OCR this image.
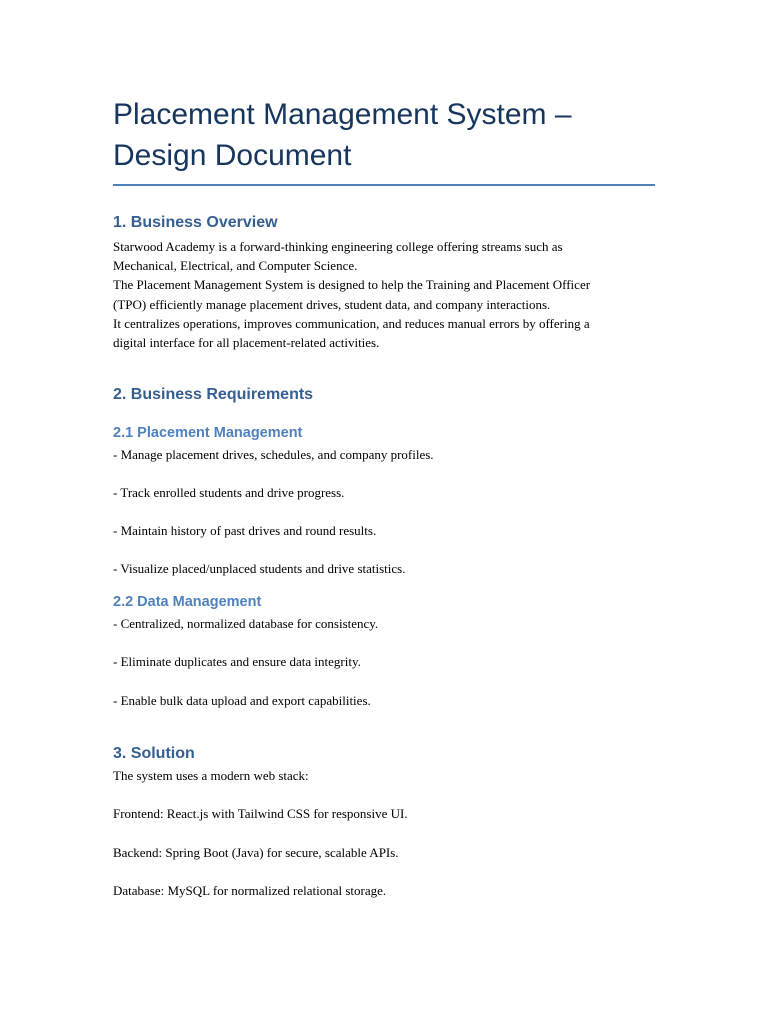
Placement Management System –
Design Document
1. Business Overview

Starwood Academy is a forward-thinking engineering college offering streams such as

Mechanical, Electrical, and Computer Science.

The Placement Management System is designed to help the Training and Placement Officer

(TPO) efficiently manage placement drives, student data, and company interactions.

It centralizes operations, improves communication, and reduces manual errors by offering a

digital interface for all placement-related activities.

2. Business Requirements
2.1 Placement Management

- Manage placement drives, schedules, and company profiles.

- Track enrolled students and drive progress.

- Maintain history of past drives and round results.

- Visualize placed/unplaced students and drive statistics.

2.2 Data Management

- Centralized, normalized database for consistency.

- Eliminate duplicates and ensure data integrity.

- Enable bulk data upload and export capabilities.

3. Solution

The system uses a modern web stack:

Frontend: React.js with Tailwind CSS for responsive UI.

Backend: Spring Boot (Java) for secure, scalable APIs.

Database: MySQL for normalized relational storage.
